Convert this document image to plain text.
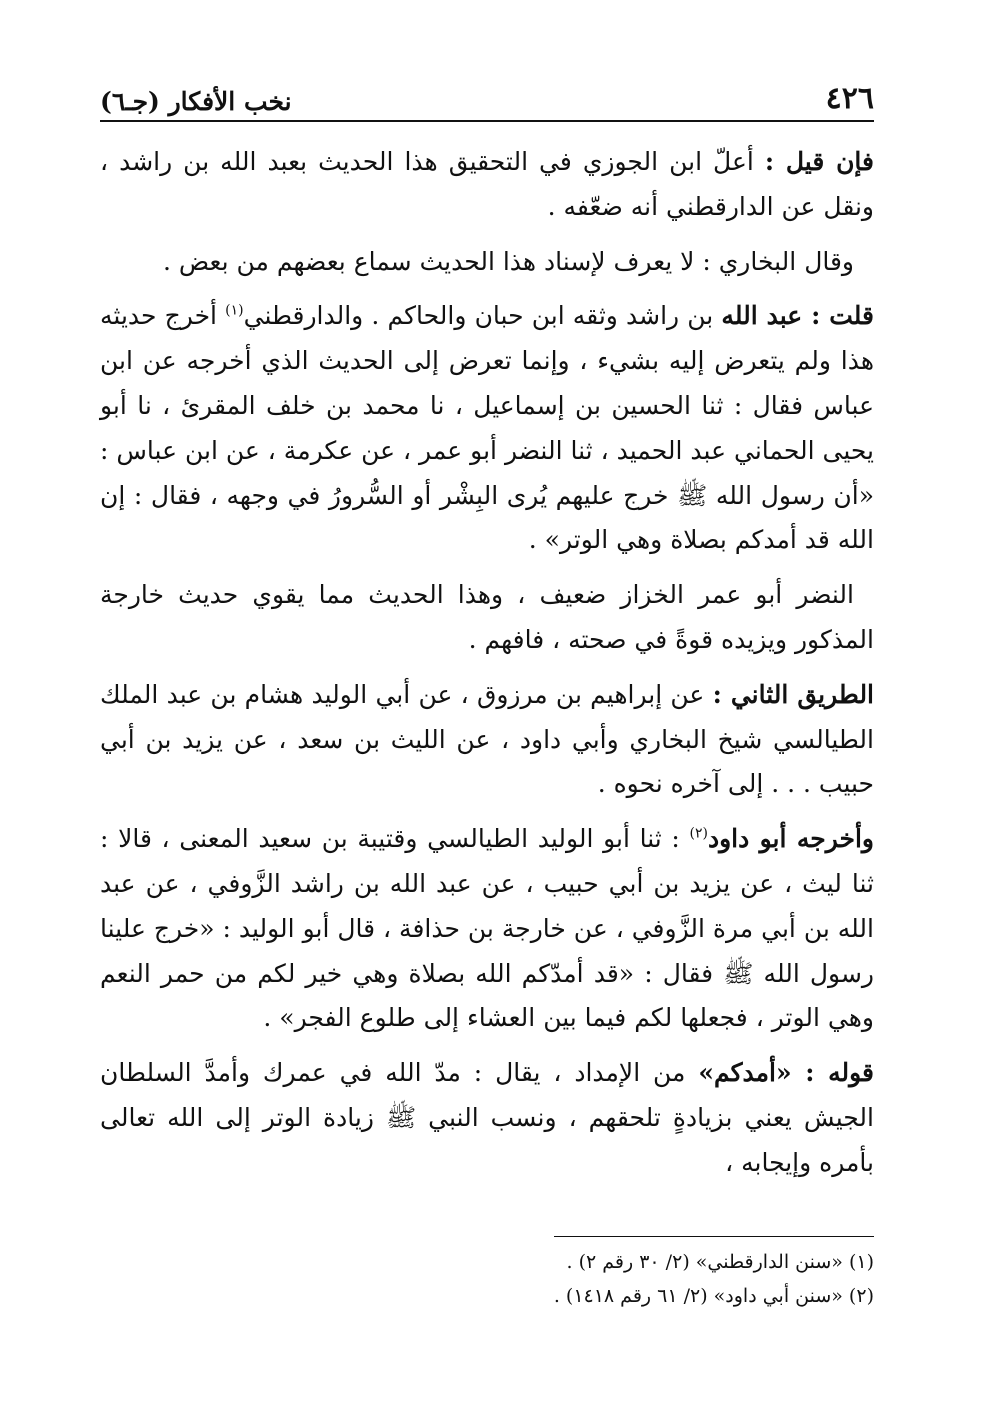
٤٢٦
نخب الأفكار (جـ٦)

فإن قيل : أعلّ ابن الجوزي في التحقيق هذا الحديث بعبد الله بن راشد ، ونقل عن الدارقطني أنه ضعّفه .

وقال البخاري : لا يعرف لإسناد هذا الحديث سماع بعضهم من بعض .

قلت : عبد الله بن راشد وثقه ابن حبان والحاكم . والدارقطني$^{(١)}$ أخرج حديثه هذا ولم يتعرض إليه بشيء ، وإنما تعرض إلى الحديث الذي أخرجه عن ابن عباس فقال : ثنا الحسين بن إسماعيل ، نا محمد بن خلف المقرئ ، نا أبو يحيى الحماني عبد الحميد ، ثنا النضر أبو عمر ، عن عكرمة ، عن ابن عباس : «أن رسول الله ﷺ خرج عليهم يُرى البِشْر أو السُّرورُ في وجهه ، فقال : إن الله قد أمدكم بصلاة وهي الوتر» .

النضر أبو عمر الخزاز ضعيف ، وهذا الحديث مما يقوي حديث خارجة المذكور ويزيده قوةً في صحته ، فافهم .

الطريق الثاني : عن إبراهيم بن مرزوق ، عن أبي الوليد هشام بن عبد الملك الطيالسي شيخ البخاري وأبي داود ، عن الليث بن سعد ، عن يزيد بن أبي حبيب . . . إلى آخره نحوه .

وأخرجه أبو داود$^{(٢)}$ : ثنا أبو الوليد الطيالسي وقتيبة بن سعيد المعنى ، قالا : ثنا ليث ، عن يزيد بن أبي حبيب ، عن عبد الله بن راشد الزَّوفي ، عن عبد الله بن أبي مرة الزَّوفي ، عن خارجة بن حذافة ، قال أبو الوليد : «خرج علينا رسول الله ﷺ فقال : «قد أمدّكم الله بصلاة وهي خير لكم من حمر النعم وهي الوتر ، فجعلها لكم فيما بين العشاء إلى طلوع الفجر» .

قوله : «أمدكم» من الإمداد ، يقال : مدّ الله في عمرك وأمدَّ السلطان الجيش يعني بزيادةٍ تلحقهم ، ونسب النبي ﷺ زيادة الوتر إلى الله تعالى بأمره وإيجابه ،

(١) «سنن الدارقطني» (٢/ ٣٠ رقم ٢) .

(٢) «سنن أبي داود» (٢/ ٦١ رقم ١٤١٨) .
